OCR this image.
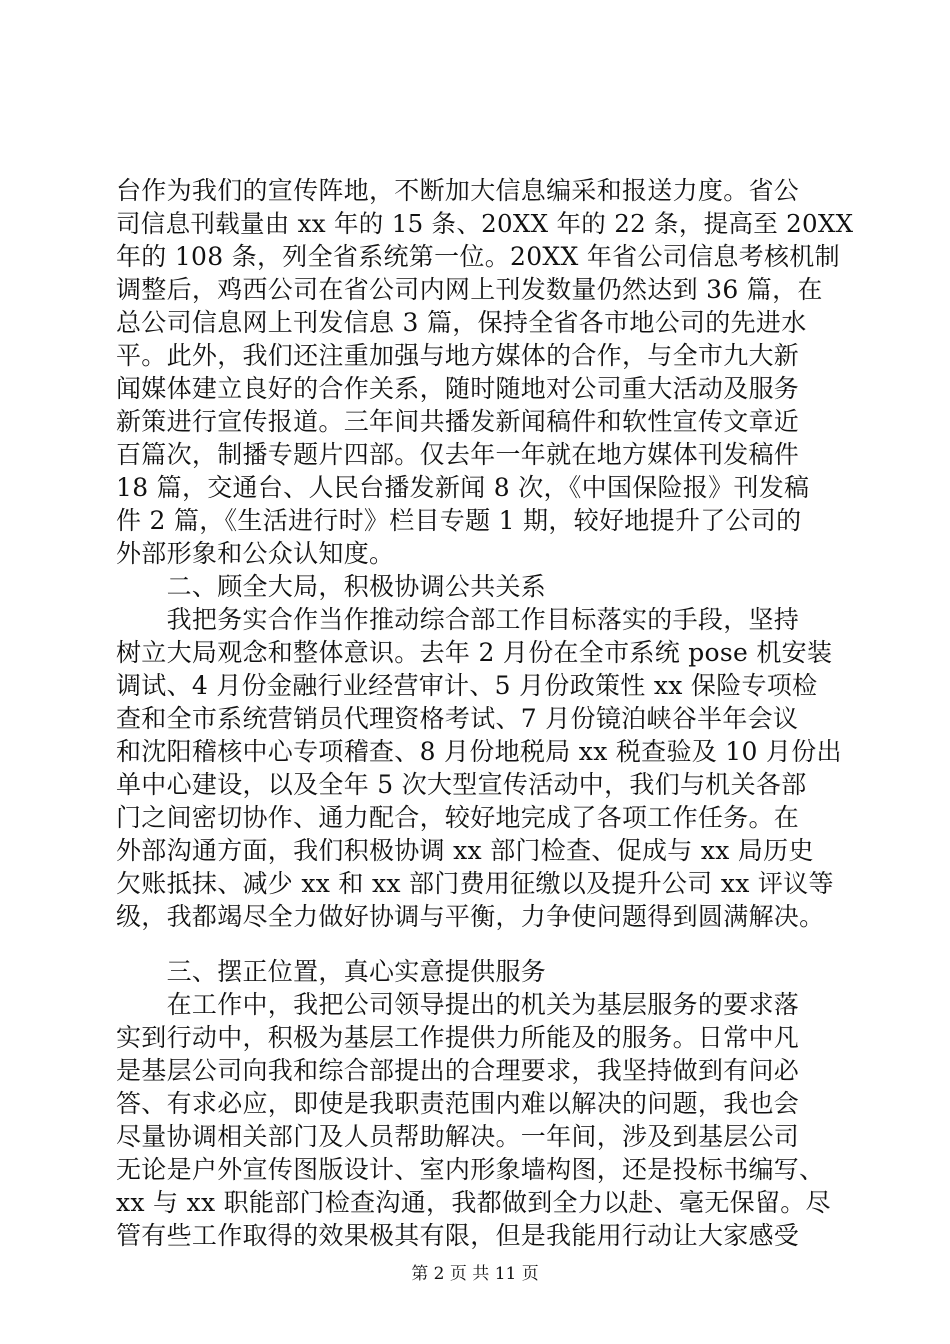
台作为我们的宣传阵地，不断加大信息编采和报送力度。省公
司信息刊载量由 xx 年的 15 条、20XX 年的 22 条，提高至 20XX
年的 108 条，列全省系统第一位。20XX 年省公司信息考核机制
调整后，鸡西公司在省公司内网上刊发数量仍然达到 36 篇，在
总公司信息网上刊发信息 3 篇，保持全省各市地公司的先进水
平。此外，我们还注重加强与地方媒体的合作，与全市九大新
闻媒体建立良好的合作关系，随时随地对公司重大活动及服务
新策进行宣传报道。三年间共播发新闻稿件和软性宣传文章近
百篇次，制播专题片四部。仅去年一年就在地方媒体刊发稿件
18 篇，交通台、人民台播发新闻 8 次，《中国保险报》刊发稿
件 2 篇，《生活进行时》栏目专题 1 期，较好地提升了公司的
外部形象和公众认知度。
　　二、顾全大局，积极协调公共关系
　　我把务实合作当作推动综合部工作目标落实的手段，坚持
树立大局观念和整体意识。去年 2 月份在全市系统 pose 机安装
调试、4 月份金融行业经营审计、5 月份政策性 xx 保险专项检
查和全市系统营销员代理资格考试、7 月份镜泊峡谷半年会议
和沈阳稽核中心专项稽查、8 月份地税局 xx 税查验及 10 月份出
单中心建设，以及全年 5 次大型宣传活动中，我们与机关各部
门之间密切协作、通力配合，较好地完成了各项工作任务。在
外部沟通方面，我们积极协调 xx 部门检查、促成与 xx 局历史
欠账抵抹、减少 xx 和 xx 部门费用征缴以及提升公司 xx 评议等
级，我都竭尽全力做好协调与平衡，力争使问题得到圆满解决。
　　三、摆正位置，真心实意提供服务
　　在工作中，我把公司领导提出的机关为基层服务的要求落
实到行动中，积极为基层工作提供力所能及的服务。日常中凡
是基层公司向我和综合部提出的合理要求，我坚持做到有问必
答、有求必应，即使是我职责范围内难以解决的问题，我也会
尽量协调相关部门及人员帮助解决。一年间，涉及到基层公司
无论是户外宣传图版设计、室内形象墙构图，还是投标书编写、
xx 与 xx 职能部门检查沟通，我都做到全力以赴、毫无保留。尽
管有些工作取得的效果极其有限，但是我能用行动让大家感受
第 2 页 共 11 页
